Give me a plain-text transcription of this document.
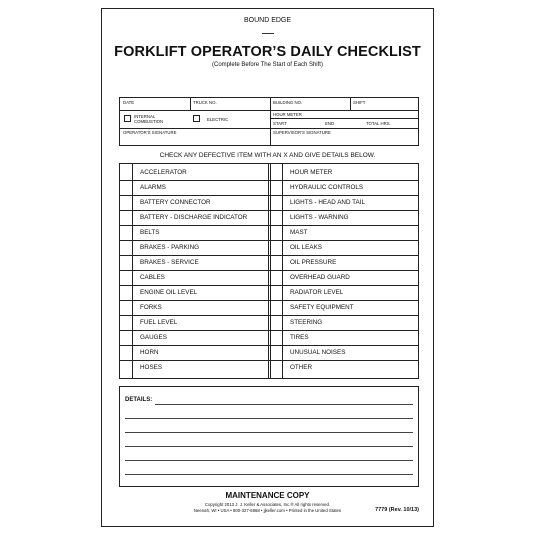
BOUND EDGE
FORKLIFT OPERATOR’S DAILY CHECKLIST
(Complete Before The Start of Each Shift)
DATE	TRUCK NO.	BUILDING NO.	SHIFT
INTERNAL
COMBUSTION	ELECTRIC
HOUR METER
START	END	TOTAL HRS.
OPERATOR’S SIGNATURE	SUPERVISOR’S SIGNATURE
CHECK ANY DEFECTIVE ITEM WITH AN X AND GIVE DETAILS BELOW.
ACCELERATOR	HOUR METER
ALARMS	HYDRAULIC CONTROLS
BATTERY CONNECTOR	LIGHTS - HEAD AND TAIL
BATTERY - DISCHARGE INDICATOR	LIGHTS - WARNING
BELTS	MAST
BRAKES - PARKING	OIL LEAKS
BRAKES - SERVICE	OIL PRESSURE
CABLES	OVERHEAD GUARD
ENGINE OIL LEVEL	RADIATOR LEVEL
FORKS	SAFETY EQUIPMENT
FUEL LEVEL	STEERING
GAUGES	TIRES
HORN	UNUSUAL NOISES
HOSES	OTHER
DETAILS:
MAINTENANCE COPY
Copyright 2013 J. J. Keller & Associates, Inc.® All rights reserved.
Neenah, WI • USA • 800-327-6868 • jjkeller.com • Printed in the United States	7779 (Rev. 10/13)
